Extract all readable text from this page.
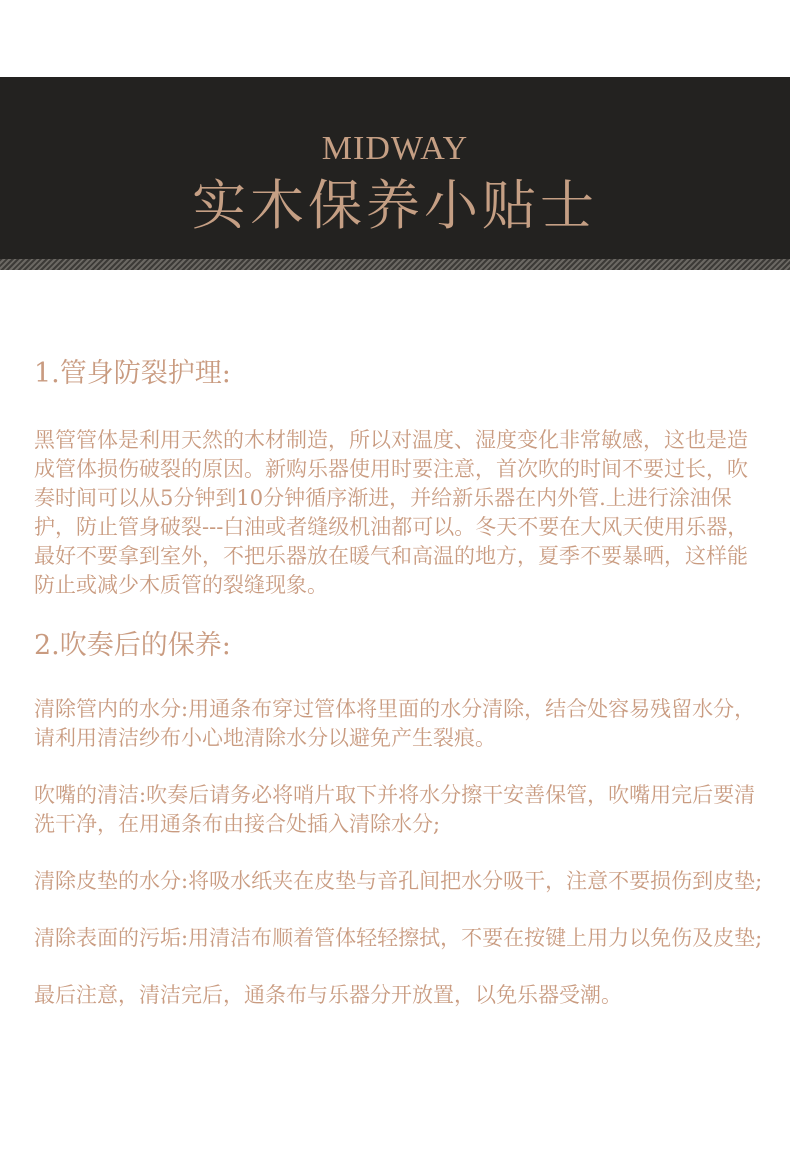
MIDWAY
实木保养小贴士

1.管身防裂护理:

黑管管体是利用天然的木材制造，所以对温度、湿度变化非常敏感，这也是造成管体损伤破裂的原因。新购乐器使用时要注意，首次吹的时间不要过长，吹奏时间可以从5分钟到10分钟循序渐进，并给新乐器在内外管.上进行涂油保护，防止管身破裂---白油或者缝级机油都可以。冬天不要在大风天使用乐器，最好不要拿到室外，不把乐器放在暖气和高温的地方，夏季不要暴晒，这样能防止或减少木质管的裂缝现象。

2.吹奏后的保养:

清除管内的水分:用通条布穿过管体将里面的水分清除，结合处容易残留水分，请利用清洁纱布小心地清除水分以避免产生裂痕。

吹嘴的清洁:吹奏后请务必将哨片取下并将水分擦干安善保管，吹嘴用完后要清洗干净，在用通条布由接合处插入清除水分;

清除皮垫的水分:将吸水纸夹在皮垫与音孔间把水分吸干，注意不要损伤到皮垫;

清除表面的污垢:用清洁布顺着管体轻轻擦拭，不要在按键上用力以免伤及皮垫;

最后注意，清洁完后，通条布与乐器分开放置，以免乐器受潮。
